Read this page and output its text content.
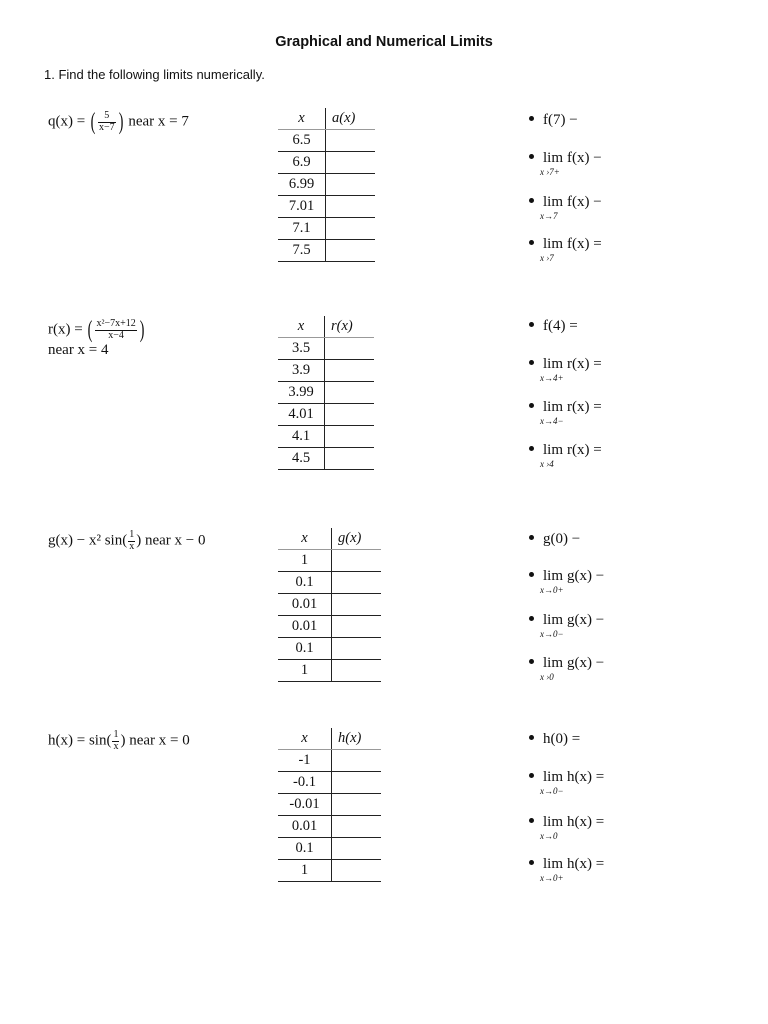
Graphical and Numerical Limits
1. Find the following limits numerically.
q(x) = ( $\frac{5}{x-7}$ ) near x = 7	x	a(x)
6.5	
6.9	
6.99	
7.01	
7.1	
7.5	
f(7) −
lim
x ›7+
f(x) −
lim
x→7
f(x) −
lim
x ›7
f(x) =
r(x) = ( $\frac{\text{x²−7x+12}}{x-4}$ )
near x = 4
x	r(x)
3.5	
3.9	
3.99	
4.01	
4.1	
4.5	
f(4) =
lim
x→4+
r(x) =
lim
x→4−
r(x) =
lim
x ›4
r(x) =
g(x) − x² $\sin( \frac{1}{x}$ ) near x − 0	x	g(x)
1	
0.1	
0.01	
0.01	
0.1	
1	
g(0) −
lim
x→0+
g(x) −
lim
x→0−
g(x) −
lim
x ›0
g(x) −
$h(x) = \sin( \frac{1}{x}$ ) near x = 0	x	h(x)
-1	
-0.1	
-0.01	
0.01	
0.1	
1	
h(0) =
lim
x→0−
h(x) =
lim
x→0
h(x) =
lim
x→0+
h(x) =
